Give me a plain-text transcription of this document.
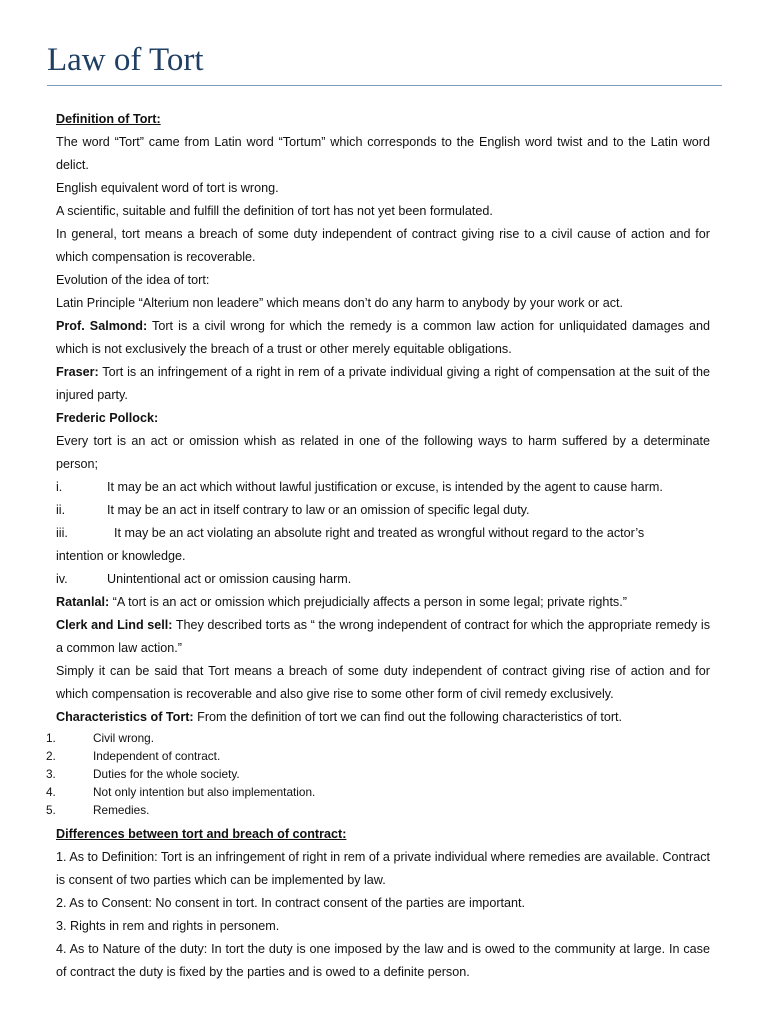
Law of Tort

Definition of Tort:

The word “Tort” came from Latin word “Tortum” which corresponds to the English word twist and to the Latin word delict.

English equivalent word of tort is wrong.

A scientific, suitable and fulfill the definition of tort has not yet been formulated.

In general, tort means a breach of some duty independent of contract giving rise to a civil cause of action and for which compensation is recoverable.

Evolution of the idea of tort:

Latin Principle “Alterium non leadere” which means don’t do any harm to anybody by your work or act.

Prof. Salmond: Tort is a civil wrong for which the remedy is a common law action for unliquidated damages and which is not exclusively the breach of a trust or other merely equitable obligations.

Fraser: Tort is an infringement of a right in rem of a private individual giving a right of compensation at the suit of the injured party.

Frederic Pollock:

Every tort is an act or omission whish as related in one of the following ways to harm suffered by a determinate person;

i.	It may be an act which without lawful justification or excuse, is intended by the agent to cause harm.
ii.	It may be an act in itself contrary to law or an omission of specific legal duty.
iii.	It may be an act violating an absolute right and treated as wrongful without regard to the actor’s

intention or knowledge.

iv.	Unintentional act or omission causing harm.

Ratanlal: “A tort is an act or omission which prejudicially affects a person in some legal; private rights.”

Clerk and Lind sell: They described torts as “ the wrong independent of contract for which the appropriate remedy is a common law action.”

Simply it can be said that Tort means a breach of some duty independent of contract giving rise of action and for which compensation is recoverable and also give rise to some other form of civil remedy exclusively.

Characteristics of Tort: From the definition of tort we can find out the following characteristics of tort.

1.	Civil wrong.
2.	Independent of contract.
3.	Duties for the whole society.
4.	Not only intention but also implementation.
5.	Remedies.

Differences between tort and breach of contract:

1. As to Definition: Tort is an infringement of right in rem of a private individual where remedies are available. Contract is consent of two parties which can be implemented by law.

2. As to Consent: No consent in tort. In contract consent of the parties are important.

3. Rights in rem and rights in personem.

4. As to Nature of the duty: In tort the duty is one imposed by the law and is owed to the community at large. In case of contract the duty is fixed by the parties and is owed to a definite person.
